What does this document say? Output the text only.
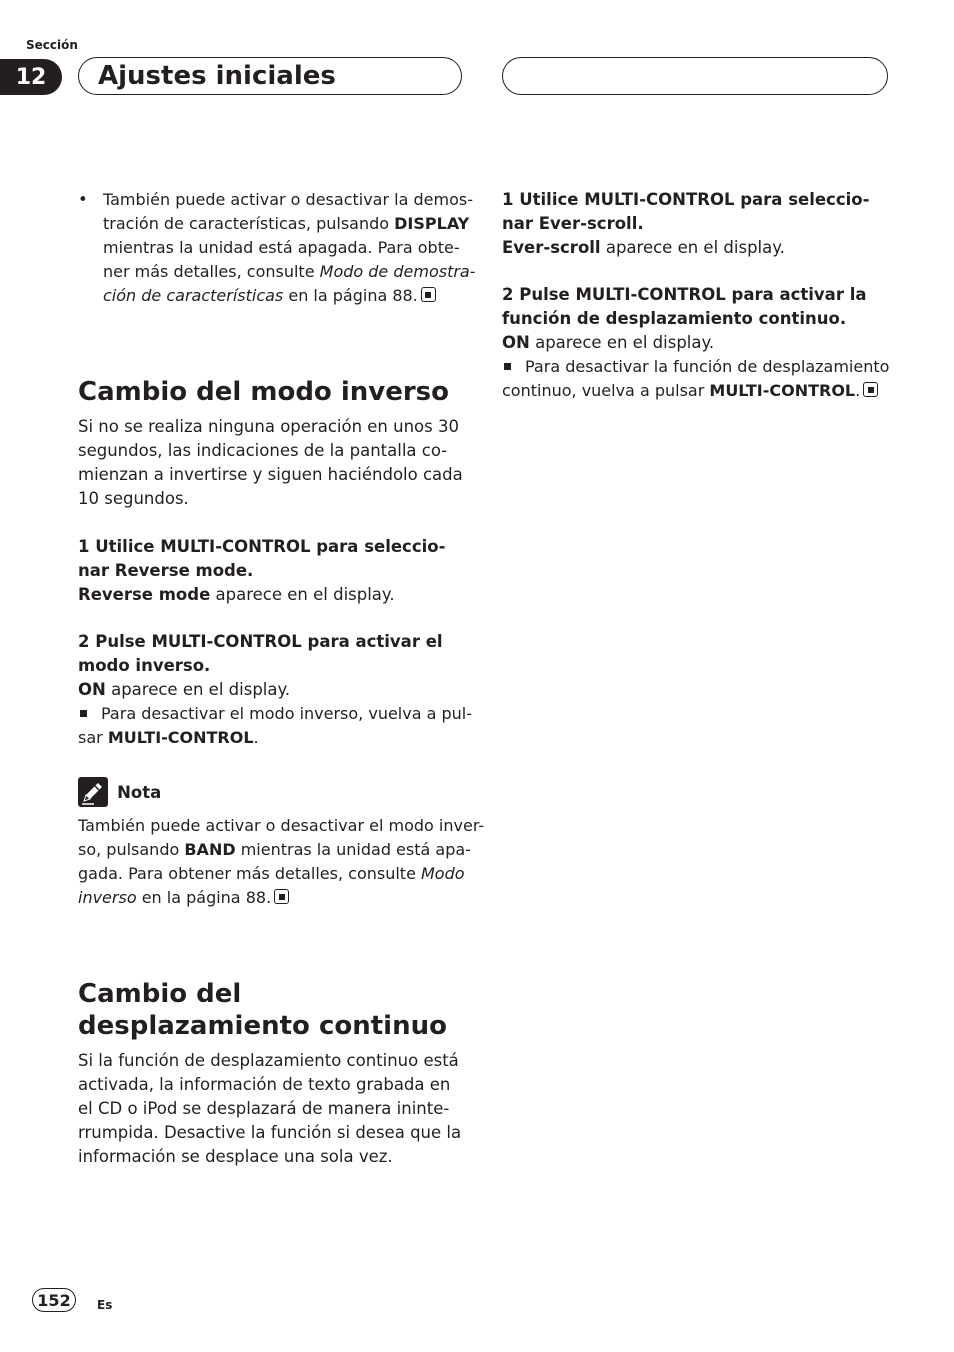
Sección
12	Ajustes iniciales
• También puede activar o desactivar la demos-
tración de características, pulsando DISPLAY
mientras la unidad está apagada. Para obte-
ner más detalles, consulte Modo de demostra-
ción de características en la página 88.
Cambio del modo inverso
Si no se realiza ninguna operación en unos 30
segundos, las indicaciones de la pantalla co-
mienzan a invertirse y siguen haciéndolo cada
10 segundos.
1 Utilice MULTI-CONTROL para seleccio-
nar Reverse mode.
Reverse mode aparece en el display.
2 Pulse MULTI-CONTROL para activar el
modo inverso.
ON aparece en el display.
Para desactivar el modo inverso, vuelva a pul-
sar MULTI-CONTROL.
Nota
También puede activar o desactivar el modo inver-
so, pulsando BAND mientras la unidad está apa-
gada. Para obtener más detalles, consulte Modo
inverso en la página 88.
Cambio del
desplazamiento continuo
Si la función de desplazamiento continuo está
activada, la información de texto grabada en
el CD o iPod se desplazará de manera ininte-
rrumpida. Desactive la función si desea que la
información se desplace una sola vez.
1 Utilice MULTI-CONTROL para seleccio-
nar Ever-scroll.
Ever-scroll aparece en el display.
2 Pulse MULTI-CONTROL para activar la
función de desplazamiento continuo.
ON aparece en el display.
Para desactivar la función de desplazamiento
continuo, vuelva a pulsar MULTI-CONTROL.
152	Es
